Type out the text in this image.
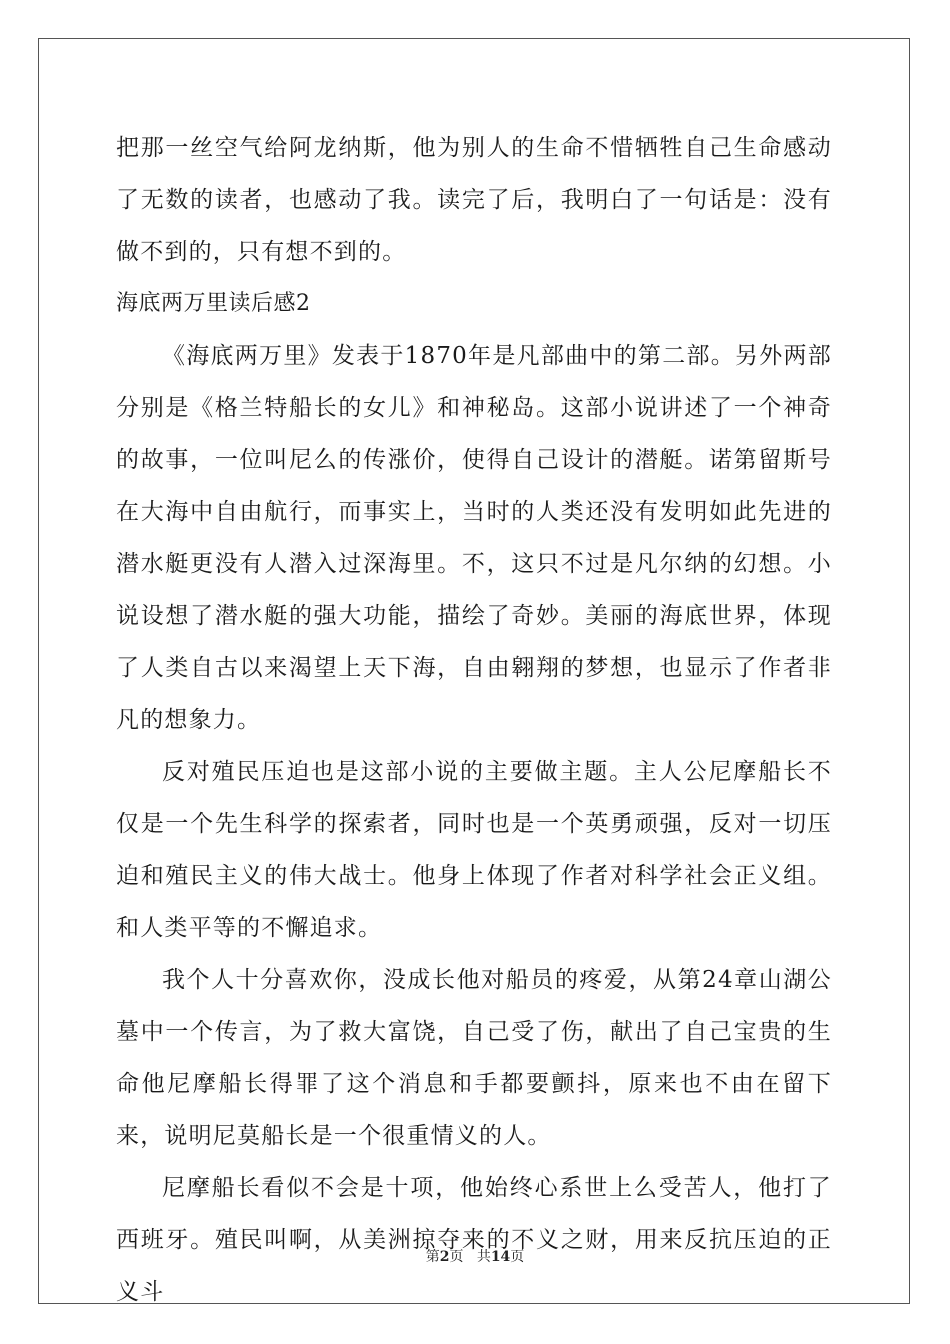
把那一丝空气给阿龙纳斯，他为别人的生命不惜牺牲自己生命感动了无数的读者，也感动了我。读完了后，我明白了一句话是：没有做不到的，只有想不到的。

海底两万里读后感2

《海底两万里》发表于1870年是凡部曲中的第二部。另外两部分别是《格兰特船长的女儿》和神秘岛。这部小说讲述了一个神奇的故事，一位叫尼么的传涨价，使得自己设计的潜艇。诺第留斯号在大海中自由航行，而事实上，当时的人类还没有发明如此先进的潜水艇更没有人潜入过深海里。不，这只不过是凡尔纳的幻想。小说设想了潜水艇的强大功能，描绘了奇妙。美丽的海底世界，体现了人类自古以来渴望上天下海，自由翱翔的梦想，也显示了作者非凡的想象力。

反对殖民压迫也是这部小说的主要做主题。主人公尼摩船长不仅是一个先生科学的探索者，同时也是一个英勇顽强，反对一切压迫和殖民主义的伟大战士。他身上体现了作者对科学社会正义组。和人类平等的不懈追求。

我个人十分喜欢你，没成长他对船员的疼爱，从第24章山湖公墓中一个传言，为了救大富饶，自己受了伤，献出了自己宝贵的生命他尼摩船长得罪了这个消息和手都要颤抖，原来也不由在留下来，说明尼莫船长是一个很重情义的人。

尼摩船长看似不会是十项，他始终心系世上么受苦人，他打了西班牙。殖民叫啊，从美洲掠夺来的不义之财，用来反抗压迫的正义斗

第2页 共14页
